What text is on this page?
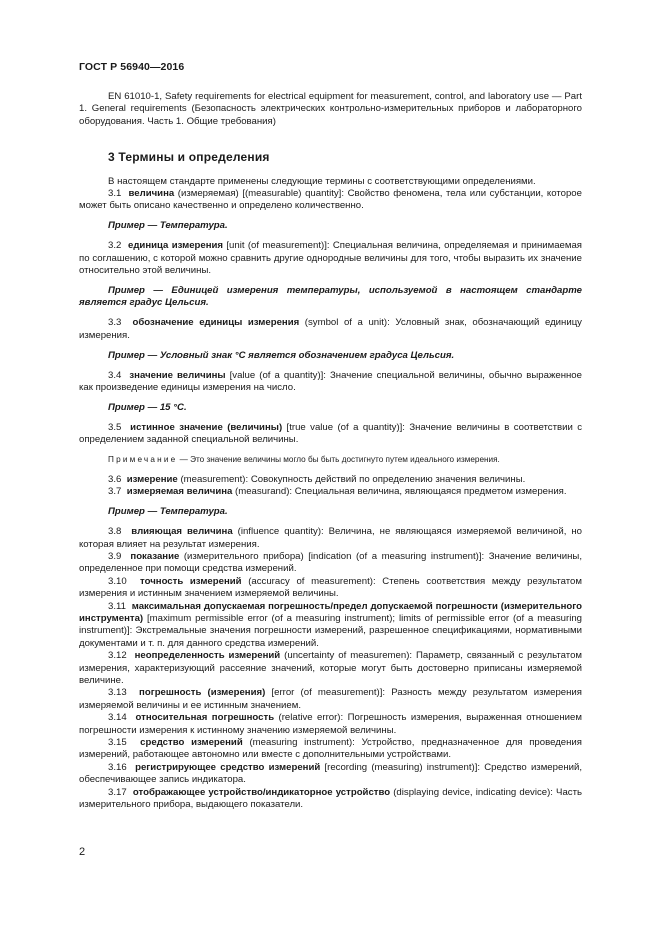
ГОСТ Р 56940—2016

EN 61010-1, Safety requirements for electrical equipment for measurement, control, and laboratory use — Part 1. General requirements (Безопасность электрических контрольно-измерительных приборов и лабораторного оборудования. Часть 1. Общие требования)

3 Термины и определения

В настоящем стандарте применены следующие термины с соответствующими определениями.

3.1 величина (измеряемая) [(measurable) quantity]: Свойство феномена, тела или субстанции, которое может быть описано качественно и определено количественно.

Пример — Температура.

3.2 единица измерения [unit (of measurement)]: Специальная величина, определяемая и принимаемая по соглашению, с которой можно сравнить другие однородные величины для того, чтобы выразить их значение относительно этой величины.

Пример — Единицей измерения температуры, используемой в настоящем стандарте является градус Цельсия.

3.3 обозначение единицы измерения (symbol of a unit): Условный знак, обозначающий единицу измерения.

Пример — Условный знак °С является обозначением градуса Цельсия.

3.4 значение величины [value (of a quantity)]: Значение специальной величины, обычно выраженное как произведение единицы измерения на число.

Пример — 15 °С.

3.5 истинное значение (величины) [true value (of a quantity)]: Значение величины в соответствии с определением заданной специальной величины.

Примечание — Это значение величины могло бы быть достигнуто путем идеального измерения.

3.6 измерение (measurement): Совокупность действий по определению значения величины.

3.7 измеряемая величина (measurand): Специальная величина, являющаяся предметом измерения.

Пример — Температура.

3.8 влияющая величина (influence quantity): Величина, не являющаяся измеряемой величиной, но которая влияет на результат измерения.

3.9 показание (измерительного прибора) [indication (of a measuring instrument)]: Значение величины, определенное при помощи средства измерений.

3.10 точность измерений (accuracy of measurement): Степень соответствия между результатом измерения и истинным значением измеряемой величины.

3.11 максимальная допускаемая погрешность/предел допускаемой погрешности (измерительного инструмента) [maximum permissible error (of a measuring instrument); limits of permissible error (of a measuring instrument)]: Экстремальные значения погрешности измерений, разрешенное спецификациями, нормативными документами и т. п. для данного средства измерений.

3.12 неопределенность измерений (uncertainty of measuremen): Параметр, связанный с результатом измерения, характеризующий рассеяние значений, которые могут быть достоверно приписаны измеряемой величине.

3.13 погрешность (измерения) [error (of measurement)]: Разность между результатом измерения измеряемой величины и ее истинным значением.

3.14 относительная погрешность (relative error): Погрешность измерения, выраженная отношением погрешности измерения к истинному значению измеряемой величины.

3.15 средство измерений (measuring instrument): Устройство, предназначенное для проведения измерений, работающее автономно или вместе с дополнительными устройствами.

3.16 регистрирующее средство измерений [recording (measuring) instrument)]: Средство измерений, обеспечивающее запись индикатора.

3.17 отображающее устройство/индикаторное устройство (displaying device, indicating device): Часть измерительного прибора, выдающего показатели.

2
